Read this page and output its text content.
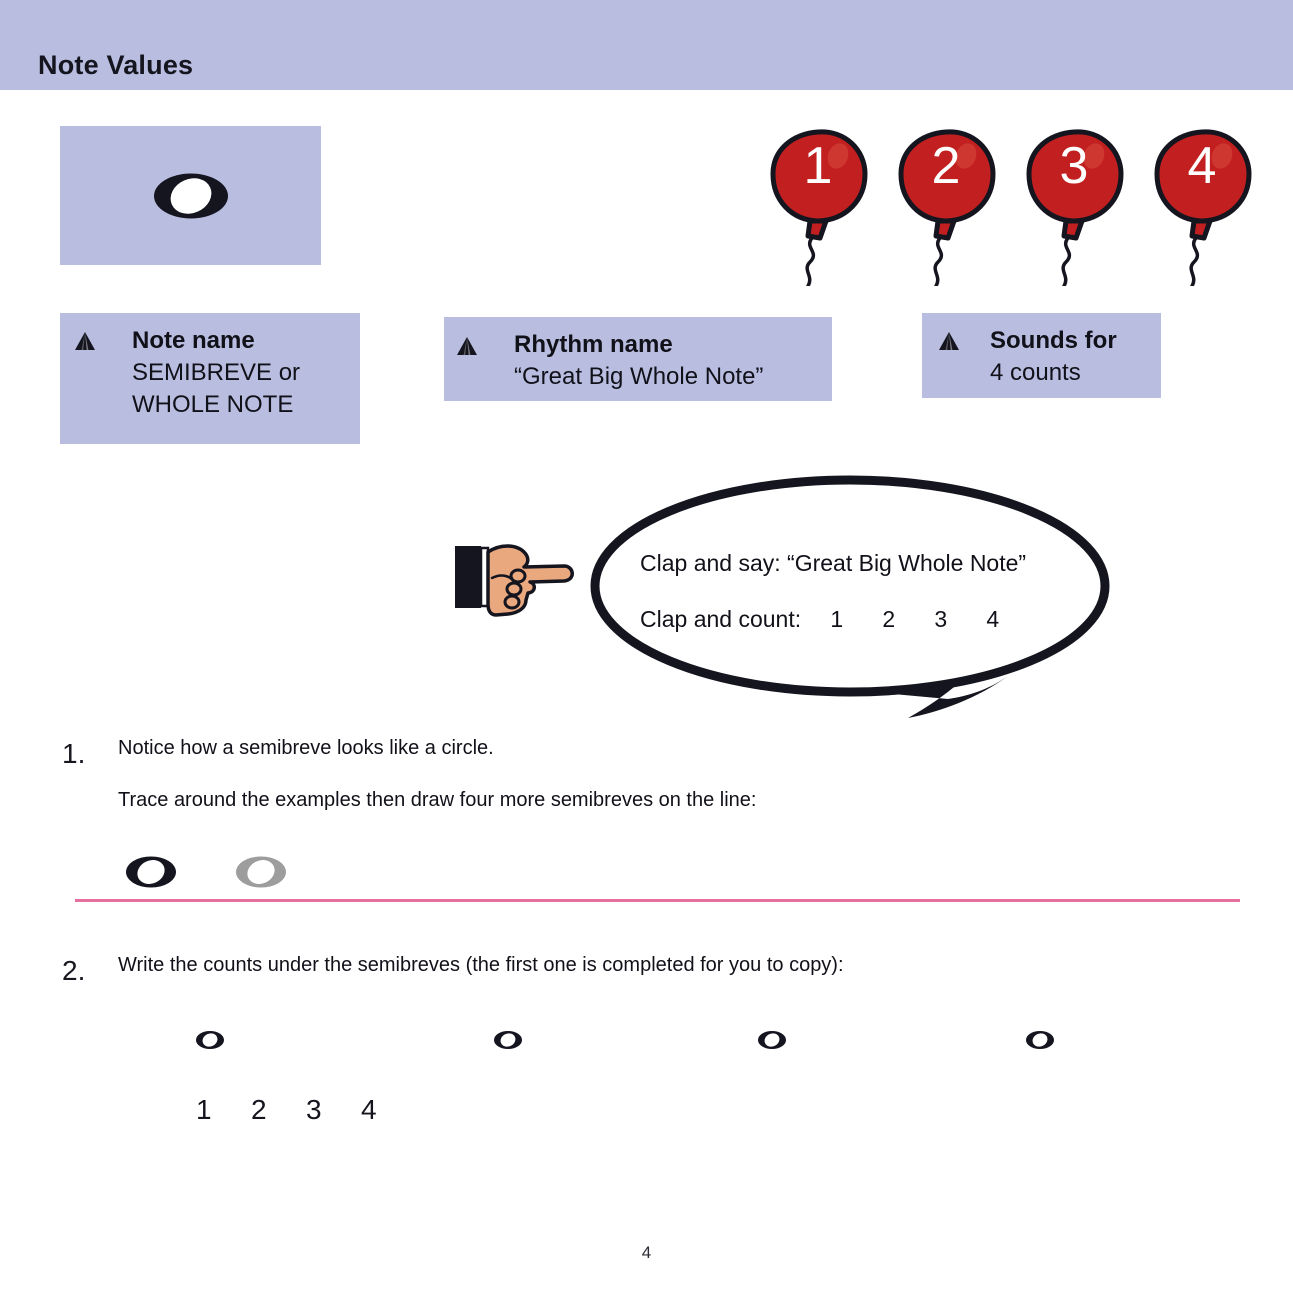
Note Values
1	2	3	4
Note name
SEMIBREVE or
WHOLE NOTE
Rhythm name
“Great Big Whole Note”
Sounds for
4 counts
Clap and say: “Great Big Whole Note”
Clap and count: 1 2 3 4
1. Notice how a semibreve looks like a circle.
Trace around the examples then draw four more semibreves on the line:
2. Write the counts under the semibreves (the first one is completed for you to copy):
1 2 3 4
4
